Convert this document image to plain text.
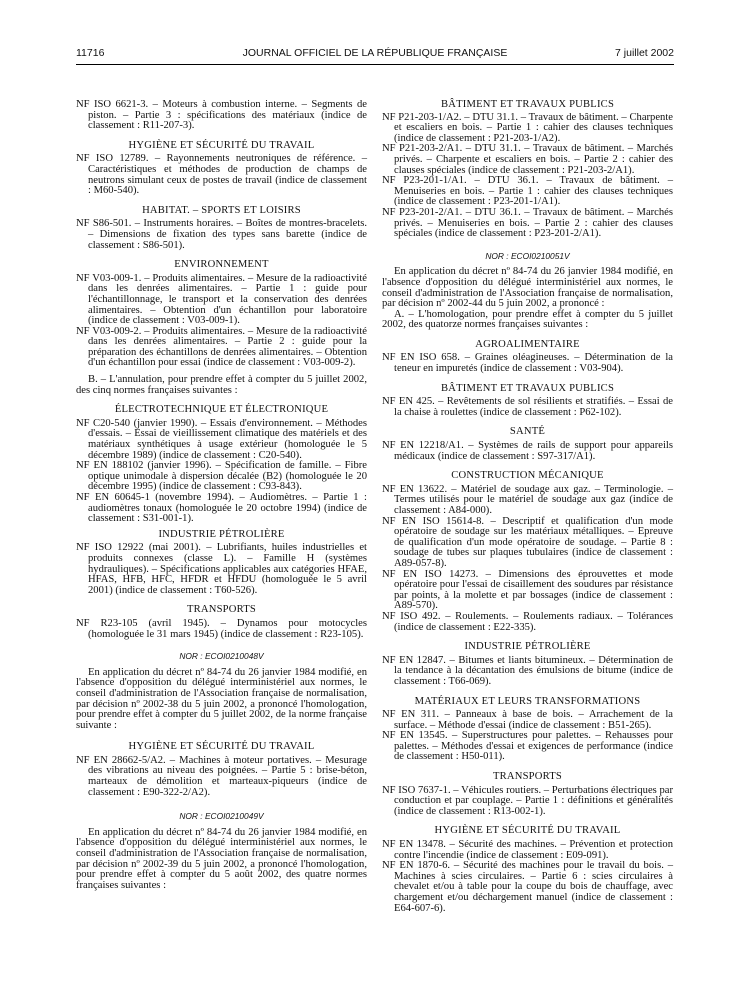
11716	JOURNAL OFFICIEL DE LA RÉPUBLIQUE FRANÇAISE	7 juillet 2002
NF ISO 6621-3. – Moteurs à combustion interne. – Segments de piston. – Partie 3 : spécifications des matériaux (indice de classement : R11-207-3).
HYGIÈNE ET SÉCURITÉ DU TRAVAIL
NF ISO 12789. – Rayonnements neutroniques de référence. – Caractéristiques et méthodes de production de champs de neutrons simulant ceux de postes de travail (indice de classement : M60-540).
HABITAT. – SPORTS ET LOISIRS
NF S86-501. – Instruments horaires. – Boîtes de montres-bracelets. – Dimensions de fixation des types sans barette (indice de classement : S86-501).
ENVIRONNEMENT
NF V03-009-1. – Produits alimentaires. – Mesure de la radioactivité dans les denrées alimentaires. – Partie 1 : guide pour l'échantillonnage, le transport et la conservation des denrées alimentaires. – Obtention d'un échantillon pour laboratoire (indice de classement : V03-009-1).
NF V03-009-2. – Produits alimentaires. – Mesure de la radioactivité dans les denrées alimentaires. – Partie 2 : guide pour la préparation des échantillons de denrées alimentaires. – Obtention d'un échantillon pour essai (indice de classement : V03-009-2).
B. – L'annulation, pour prendre effet à compter du 5 juillet 2002, des cinq normes françaises suivantes :
ÉLECTROTECHNIQUE ET ÉLECTRONIQUE
NF C20-540 (janvier 1990). – Essais d'environnement. – Méthodes d'essais. – Essai de vieillissement climatique des matériels et des matériaux synthétiques à usage extérieur (homologuée le 5 décembre 1989) (indice de classement : C20-540).
NF EN 188102 (janvier 1996). – Spécification de famille. – Fibre optique unimodale à dispersion décalée (B2) (homologuée le 20 décembre 1995) (indice de classement : C93-843).
NF EN 60645-1 (novembre 1994). – Audiomètres. – Partie 1 : audiomètres tonaux (homologuée le 20 octobre 1994) (indice de classement : S31-001-1).
INDUSTRIE PÉTROLIÈRE
NF ISO 12922 (mai 2001). – Lubrifiants, huiles industrielles et produits connexes (classe L). – Famille H (systèmes hydrauliques). – Spécifications applicables aux catégories HFAE, HFAS, HFB, HFC, HFDR et HFDU (homologuée le 5 avril 2001) (indice de classement : T60-526).
TRANSPORTS
NF R23-105 (avril 1945). – Dynamos pour motocycles (homologuée le 31 mars 1945) (indice de classement : R23-105).
NOR : ECOI0210048V
En application du décret nº 84-74 du 26 janvier 1984 modifié, en l'absence d'opposition du délégué interministériel aux normes, le conseil d'administration de l'Association française de normalisation, par décision nº 2002-38 du 5 juin 2002, a prononcé l'homologation, pour prendre effet à compter du 5 juillet 2002, de la norme française suivante :
HYGIÈNE ET SÉCURITÉ DU TRAVAIL
NF EN 28662-5/A2. – Machines à moteur portatives. – Mesurage des vibrations au niveau des poignées. – Partie 5 : brise-béton, marteaux de démolition et marteaux-piqueurs (indice de classement : E90-322-2/A2).
NOR : ECOI0210049V
En application du décret nº 84-74 du 26 janvier 1984 modifié, en l'absence d'opposition du délégué interministériel aux normes, le conseil d'administration de l'Association française de normalisation, par décision nº 2002-39 du 5 juin 2002, a prononcé l'homologation, pour prendre effet à compter du 5 août 2002, des quatre normes françaises suivantes :
BÂTIMENT ET TRAVAUX PUBLICS
NF P21-203-1/A2. – DTU 31.1. – Travaux de bâtiment. – Charpente et escaliers en bois. – Partie 1 : cahier des clauses techniques (indice de classement : P21-203-1/A2).
NF P21-203-2/A1. – DTU 31.1. – Travaux de bâtiment. – Marchés privés. – Charpente et escaliers en bois. – Partie 2 : cahier des clauses spéciales (indice de classement : P21-203-2/A1).
NF P23-201-1/A1. – DTU 36.1. – Travaux de bâtiment. – Menuiseries en bois. – Partie 1 : cahier des clauses techniques (indice de classement : P23-201-1/A1).
NF P23-201-2/A1. – DTU 36.1. – Travaux de bâtiment. – Marchés privés. – Menuiseries en bois. – Partie 2 : cahier des clauses spéciales (indice de classement : P23-201-2/A1).
NOR : ECOI0210051V
En application du décret nº 84-74 du 26 janvier 1984 modifié, en l'absence d'opposition du délégué interministériel aux normes, le conseil d'administration de l'Association française de normalisation, par décision nº 2002-44 du 5 juin 2002, a prononcé :
A. – L'homologation, pour prendre effet à compter du 5 juillet 2002, des quatorze normes françaises suivantes :
AGROALIMENTAIRE
NF EN ISO 658. – Graines oléagineuses. – Détermination de la teneur en impuretés (indice de classement : V03-904).
BÂTIMENT ET TRAVAUX PUBLICS
NF EN 425. – Revêtements de sol résilients et stratifiés. – Essai de la chaise à roulettes (indice de classement : P62-102).
SANTÉ
NF EN 12218/A1. – Systèmes de rails de support pour appareils médicaux (indice de classement : S97-317/A1).
CONSTRUCTION MÉCANIQUE
NF EN 13622. – Matériel de soudage aux gaz. – Terminologie. – Termes utilisés pour le matériel de soudage aux gaz (indice de classement : A84-000).
NF EN ISO 15614-8. – Descriptif et qualification d'un mode opératoire de soudage sur les matériaux métalliques. – Epreuve de qualification d'un mode opératoire de soudage. – Partie 8 : soudage de tubes sur plaques tubulaires (indice de classement : A89-057-8).
NF EN ISO 14273. – Dimensions des éprouvettes et mode opératoire pour l'essai de cisaillement des soudures par résistance par points, à la molette et par bossages (indice de classement : A89-570).
NF ISO 492. – Roulements. – Roulements radiaux. – Tolérances (indice de classement : E22-335).
INDUSTRIE PÉTROLIÈRE
NF EN 12847. – Bitumes et liants bitumineux. – Détermination de la tendance à la décantation des émulsions de bitume (indice de classement : T66-069).
MATÉRIAUX ET LEURS TRANSFORMATIONS
NF EN 311. – Panneaux à base de bois. – Arrachement de la surface. – Méthode d'essai (indice de classement : B51-265).
NF EN 13545. – Superstructures pour palettes. – Rehausses pour palettes. – Méthodes d'essai et exigences de performance (indice de classement : H50-011).
TRANSPORTS
NF ISO 7637-1. – Véhicules routiers. – Perturbations électriques par conduction et par couplage. – Partie 1 : définitions et généralités (indice de classement : R13-002-1).
HYGIÈNE ET SÉCURITÉ DU TRAVAIL
NF EN 13478. – Sécurité des machines. – Prévention et protection contre l'incendie (indice de classement : E09-091).
NF EN 1870-6. – Sécurité des machines pour le travail du bois. – Machines à scies circulaires. – Partie 6 : scies circulaires à chevalet et/ou à table pour la coupe du bois de chauffage, avec chargement et/ou déchargement manuel (indice de classement : E64-607-6).
